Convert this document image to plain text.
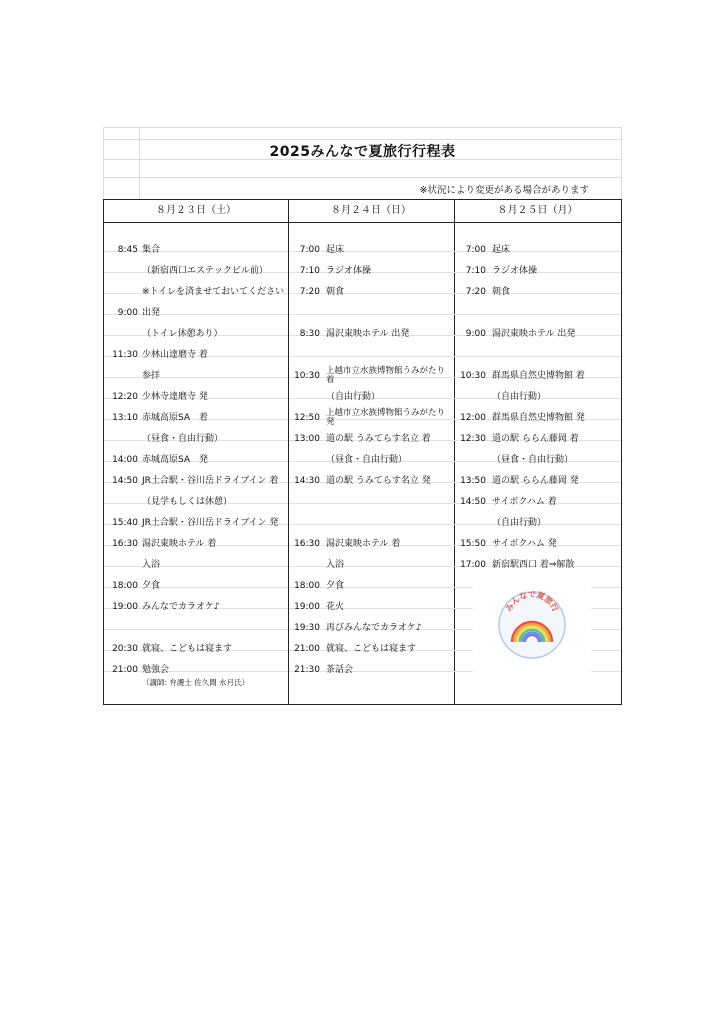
2025みんなで夏旅行行程表
※状況により変更がある場合があります
８月２３日（土）	８月２４日（日）	８月２５日（月）
8:45 集合
（新宿西口エステックビル前）
※トイレを済ませておいてください
9:00 出発
（トイレ休憩あり）
11:30 少林山達磨寺 着
参拝
12:20 少林寺達磨寺 発
13:10 赤城高原SA　着
（昼食・自由行動）
14:00 赤城高原SA　発
14:50 JR土合駅・谷川岳ドライブイン 着
（見学もしくは休憩）
15:40 JR土合駅・谷川岳ドライブイン 発
16:30 湯沢東映ホテル 着
入浴
18:00 夕食
19:00 みんなでカラオケ♪
20:30 就寝、こどもは寝ます
21:00 勉強会
（講師: 弁護士 佐久間 水月氏）
7:00 起床
7:10 ラジオ体操
7:20 朝食
8:30 湯沢東映ホテル 出発
10:30 上越市立水族博物館うみがたり 着
（自由行動）
12:50 上越市立水族博物館うみがたり 発
13:00 道の駅 うみてらす名立 着
（昼食・自由行動）
14:30 道の駅 うみてらす名立 発
16:30 湯沢東映ホテル 着
入浴
18:00 夕食
19:00 花火
19:30 再びみんなでカラオケ♪
21:00 就寝、こどもは寝ます
21:30 茶話会
7:00 起床
7:10 ラジオ体操
7:20 朝食
9:00 湯沢東映ホテル 出発
10:30 群馬県自然史博物館 着
（自由行動）
12:00 群馬県自然史博物館 発
12:30 道の駅 ららん藤岡 着
（昼食・自由行動）
13:50 道の駅 ららん藤岡 発
14:50 サイボクハム 着
（自由行動）
15:50 サイボクハム 発
17:00 新宿駅西口 着⇒解散
みんなで夏旅行
